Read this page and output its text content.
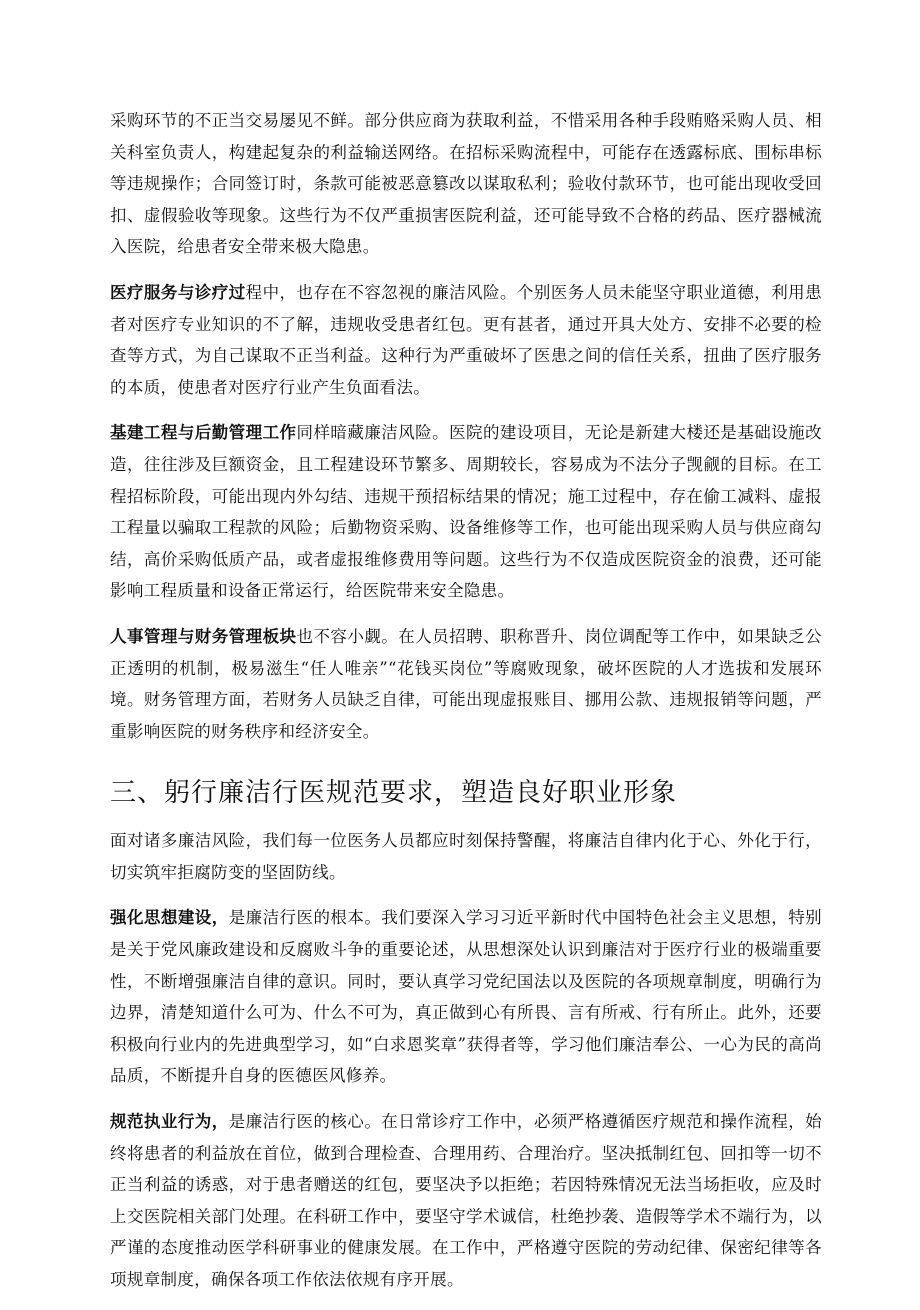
采购环节的不正当交易屡见不鲜。部分供应商为获取利益，不惜采用各种手段贿赂采购人员、相关科室负责人，构建起复杂的利益输送网络。在招标采购流程中，可能存在透露标底、围标串标等违规操作；合同签订时，条款可能被恶意篡改以谋取私利；验收付款环节，也可能出现收受回扣、虚假验收等现象。这些行为不仅严重损害医院利益，还可能导致不合格的药品、医疗器械流入医院，给患者安全带来极大隐患。

医疗服务与诊疗过程中，也存在不容忽视的廉洁风险。个别医务人员未能坚守职业道德，利用患者对医疗专业知识的不了解，违规收受患者红包。更有甚者，通过开具大处方、安排不必要的检查等方式，为自己谋取不正当利益。这种行为严重破坏了医患之间的信任关系，扭曲了医疗服务的本质，使患者对医疗行业产生负面看法。

基建工程与后勤管理工作同样暗藏廉洁风险。医院的建设项目，无论是新建大楼还是基础设施改造，往往涉及巨额资金，且工程建设环节繁多、周期较长，容易成为不法分子觊觎的目标。在工程招标阶段，可能出现内外勾结、违规干预招标结果的情况；施工过程中，存在偷工减料、虚报工程量以骗取工程款的风险；后勤物资采购、设备维修等工作，也可能出现采购人员与供应商勾结，高价采购低质产品，或者虚报维修费用等问题。这些行为不仅造成医院资金的浪费，还可能影响工程质量和设备正常运行，给医院带来安全隐患。

人事管理与财务管理板块也不容小觑。在人员招聘、职称晋升、岗位调配等工作中，如果缺乏公正透明的机制，极易滋生“任人唯亲”“花钱买岗位”等腐败现象，破坏医院的人才选拔和发展环境。财务管理方面，若财务人员缺乏自律，可能出现虚报账目、挪用公款、违规报销等问题，严重影响医院的财务秩序和经济安全。

三、躬行廉洁行医规范要求，塑造良好职业形象

面对诸多廉洁风险，我们每一位医务人员都应时刻保持警醒，将廉洁自律内化于心、外化于行，切实筑牢拒腐防变的坚固防线。

强化思想建设，是廉洁行医的根本。我们要深入学习习近平新时代中国特色社会主义思想，特别是关于党风廉政建设和反腐败斗争的重要论述，从思想深处认识到廉洁对于医疗行业的极端重要性，不断增强廉洁自律的意识。同时，要认真学习党纪国法以及医院的各项规章制度，明确行为边界，清楚知道什么可为、什么不可为，真正做到心有所畏、言有所戒、行有所止。此外，还要积极向行业内的先进典型学习，如“白求恩奖章”获得者等，学习他们廉洁奉公、一心为民的高尚品质，不断提升自身的医德医风修养。

规范执业行为，是廉洁行医的核心。在日常诊疗工作中，必须严格遵循医疗规范和操作流程，始终将患者的利益放在首位，做到合理检查、合理用药、合理治疗。坚决抵制红包、回扣等一切不正当利益的诱惑，对于患者赠送的红包，要坚决予以拒绝；若因特殊情况无法当场拒收，应及时上交医院相关部门处理。在科研工作中，要坚守学术诚信，杜绝抄袭、造假等学术不端行为，以严谨的态度推动医学科研事业的健康发展。在工作中，严格遵守医院的劳动纪律、保密纪律等各项规章制度，确保各项工作依法依规有序开展。
